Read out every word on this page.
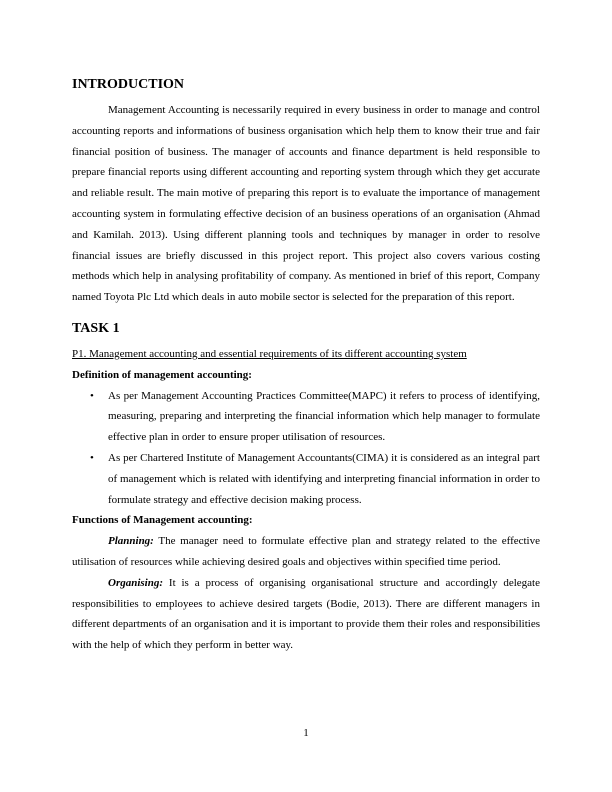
INTRODUCTION

Management Accounting is necessarily required in every business in order to manage and control accounting reports and informations of business organisation which help them to know their true and fair financial position of business. The manager of accounts and finance department is held responsible to prepare financial reports using different accounting and reporting system through which they get accurate and reliable result. The main motive of preparing this report is to evaluate the importance of management accounting system in formulating effective decision of an business operations of an organisation (Ahmad and Kamilah. 2013). Using different planning tools and techniques by manager in order to resolve financial issues are briefly discussed in this project report. This project also covers various costing methods which help in analysing profitability of company. As mentioned in brief of this report, Company named Toyota Plc Ltd which deals in auto mobile sector is selected for the preparation of this report.

TASK 1

P1. Management accounting and essential requirements of its different accounting system

Definition of management accounting:

• As per Management Accounting Practices Committee(MAPC) it refers to process of identifying, measuring, preparing and interpreting the financial information which help manager to formulate effective plan in order to ensure proper utilisation of resources.
• As per Chartered Institute of Management Accountants(CIMA) it is considered as an integral part of management which is related with identifying and interpreting financial information in order to formulate strategy and effective decision making process.

Functions of Management accounting:

Planning: The manager need to formulate effective plan and strategy related to the effective utilisation of resources while achieving desired goals and objectives within specified time period.

Organising: It is a process of organising organisational structure and accordingly delegate responsibilities to employees to achieve desired targets (Bodie, 2013). There are different managers in different departments of an organisation and it is important to provide them their roles and responsibilities with the help of which they perform in better way.

1
